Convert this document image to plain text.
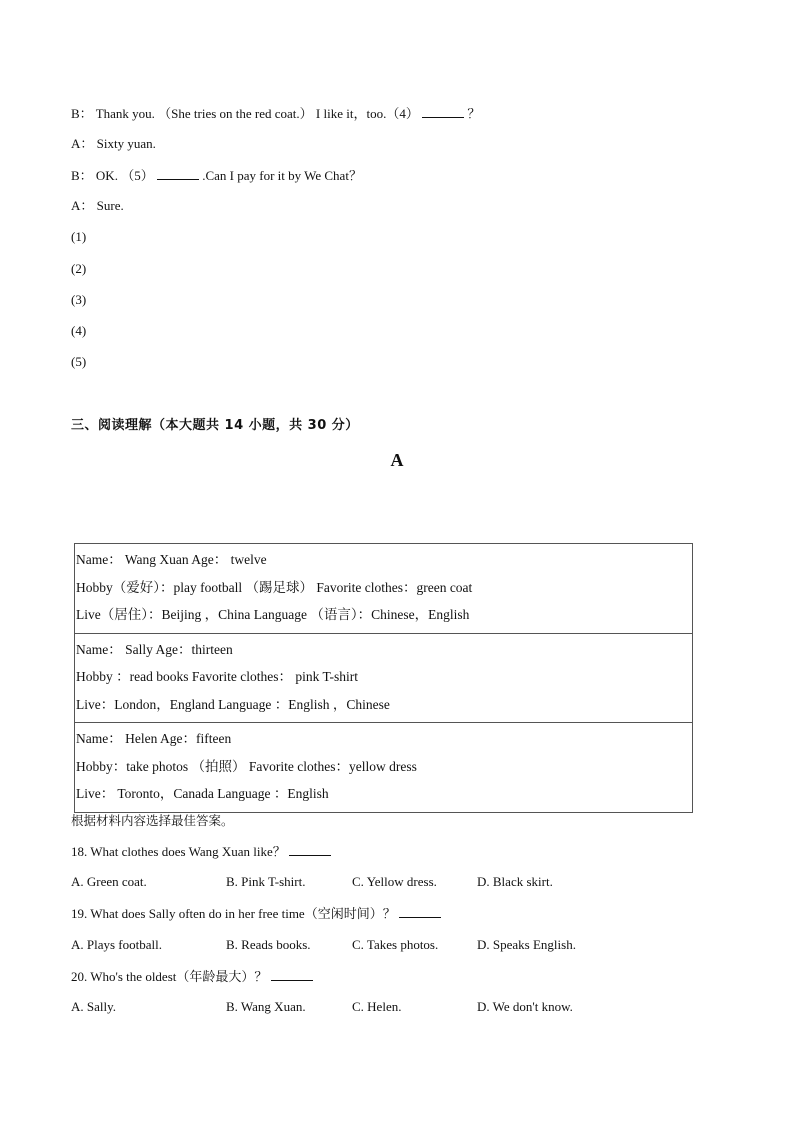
B： Thank you. （She tries on the red coat.） I like it，too.（4）	？
A： Sixty yuan.
B： OK. （5）	.Can I pay for it by We Chat？
A： Sure.
(1)
(2)
(3)
(4)
(5)
三、阅读理解（本大题共 14 小题，共 30 分）
A
Name： Wang Xuan Age： twelve
Hobby（爱好）：play football （踢足球） Favorite clothes：green coat
Live（居住）：Beijing ，China Language （语言）：Chinese，English
Name： Sally Age：thirteen
Hobby ：read books Favorite clothes： pink T-shirt
Live：London，England Language ：English ，Chinese
Name： Helen Age：fifteen
Hobby：take photos （拍照） Favorite clothes：yellow dress
Live： Toronto，Canada Language ：English
根据材料内容选择最佳答案。
18. What clothes does Wang Xuan like？
A. Green coat.	B. Pink T-shirt.	C. Yellow dress.	D. Black skirt.
19. What does Sally often do in her free time（空闲时间）？
A. Plays football.	B. Reads books.	C. Takes photos.	D. Speaks English.
20. Who's the oldest（年龄最大）？
A. Sally.	B. Wang Xuan.	C. Helen.	D. We don't know.
